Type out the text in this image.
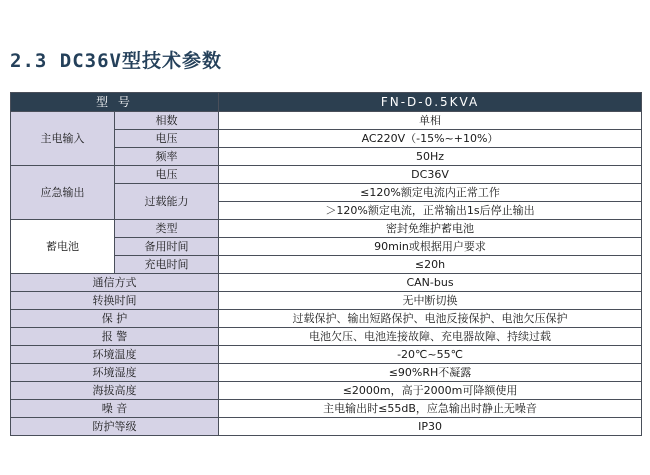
2.3 DC36V型技术参数
型 号		FN-D-0.5KVA
主电输入	相数	单相
	电压	AC220V（-15%~+10%）
	频率	50Hz
应急输出	电压	DC36V
	过载能力	≤120%额定电流内正常工作
		＞120%额定电流，正常输出1s后停止输出
蓄电池	类型	密封免维护蓄电池
	备用时间	90min或根据用户要求
	充电时间	≤20h
通信方式		CAN-bus
转换时间		无中断切换
保 护		过载保护、输出短路保护、电池反接保护、电池欠压保护
报 警		电池欠压、电池连接故障、充电器故障、持续过载
环境温度		-20℃~55℃
环境湿度		≤90%RH不凝露
海拔高度		≤2000m，高于2000m可降额使用
噪 音		主电输出时≤55dB，应急输出时静止无噪音
防护等级		IP30
